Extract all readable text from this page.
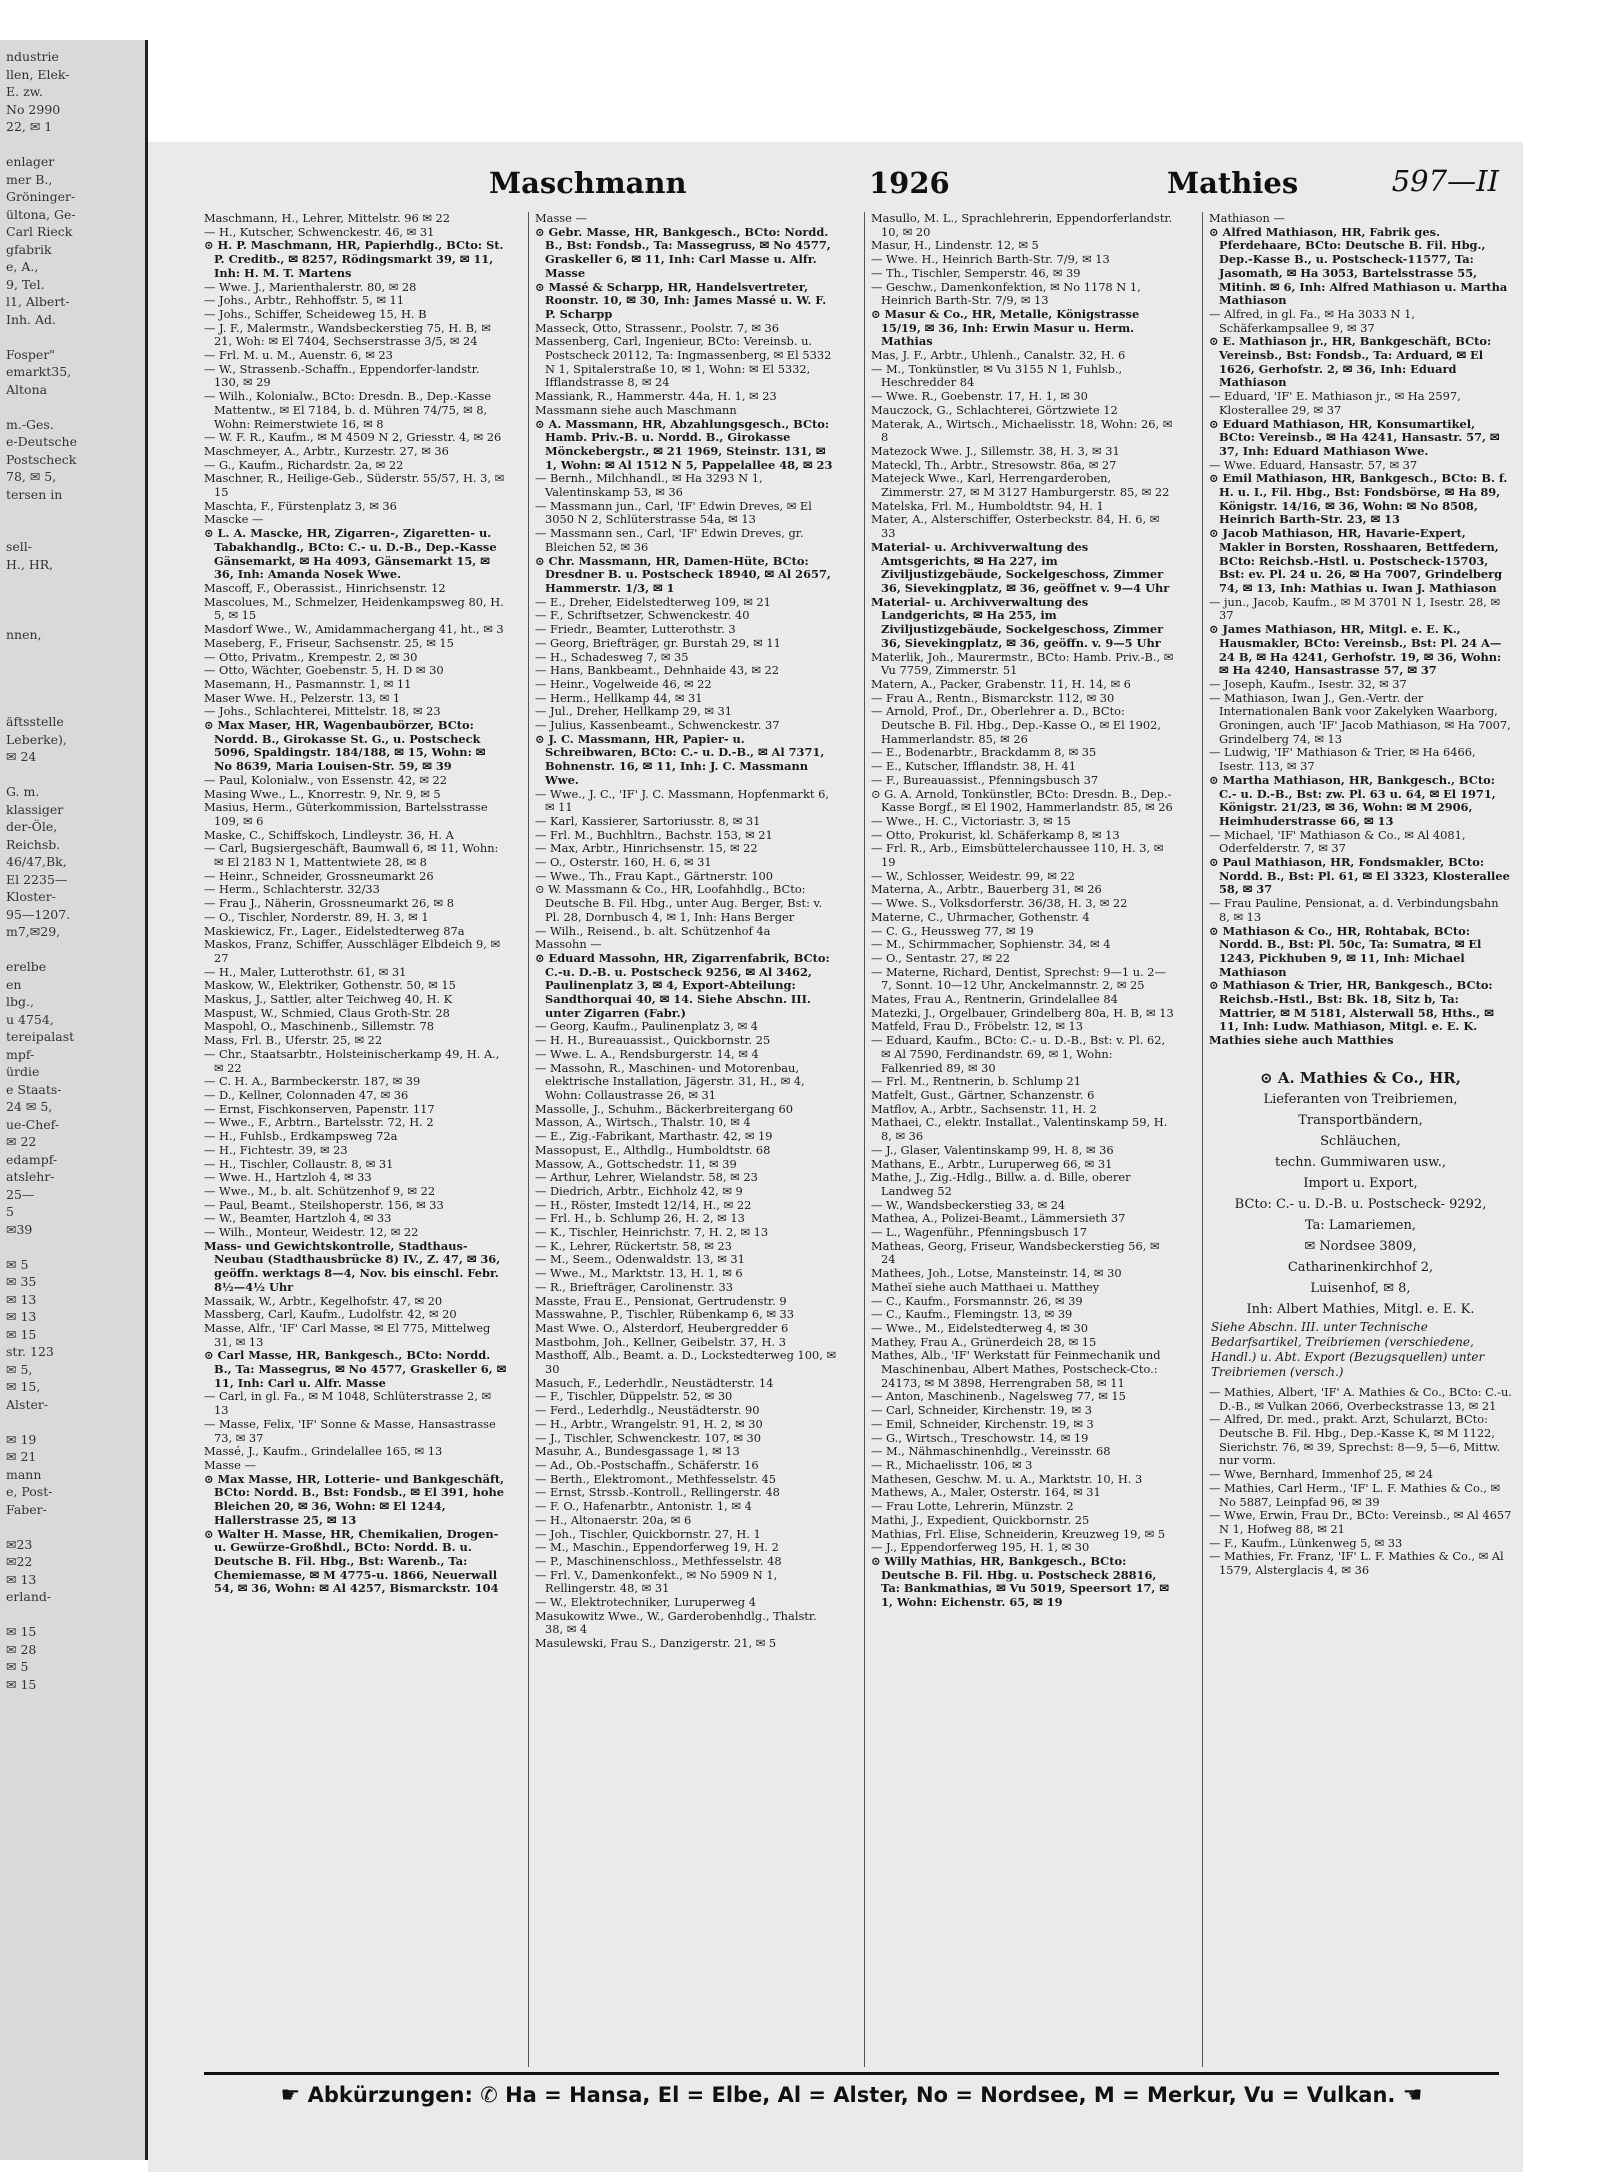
ndustrie
llen, Elek-
E. zw.
No 2990
22, ✉ 1

enlager
mer B.,
Gröninger-
ültona, Ge-
Carl Rieck
gfabrik
e, A.,
9, Tel.
l1, Albert-
Inh. Ad.

Fosper"
emarkt35,
Altona

m.-Ges.
e-Deutsche
Postscheck
78, ✉ 5,
tersen in

sell-
H., HR,

nnen,

äftsstelle
Leberke),
✉ 24

G. m.
klassiger
der-Öle,
Reichsb.
46/47,Bk,
El 2235—
Kloster-
95—1207.
m7,✉29,

erelbe
en
lbg.,
u 4754,
tereipalast
mpf-
ürdie
e Staats-
24 ✉ 5,
ue-Chef-
✉ 22
edampf-
atslehr-
25—
5
✉39

✉ 5
✉ 35
✉ 13
✉ 13
✉ 15
str. 123
✉ 5,
✉ 15,
Alster-

✉ 19
✉ 21
mann
e, Post-
Faber-

✉23
✉22
✉ 13
erland-

✉ 15
✉ 28
✉ 5
✉ 15
Maschmann	1926	Mathies	597—II
Maschmann, H., Lehrer, Mittelstr. 96 ✉ 22
— H., Kutscher, Schwenckestr. 46, ✉ 31
⊙ H. P. Maschmann, HR, Papierhdlg., BCto: St. P. Creditb., ✉ 8257, Rödingsmarkt 39, ✉ 11, Inh: H. M. T. Martens
— Wwe. J., Marienthalerstr. 80, ✉ 28
— Johs., Arbtr., Rehhoffstr. 5, ✉ 11
— Johs., Schiffer, Scheideweg 15, H. B
— J. F., Malermstr., Wandsbeckerstieg 75, H. B, ✉ 21, Woh: ✉ El 7404, Sechserstrasse 3/5, ✉ 24
— Frl. M. u. M., Auenstr. 6, ✉ 23
— W., Strassenb.-Schaffn., Eppendorfer-landstr. 130, ✉ 29
— Wilh., Kolonialw., BCto: Dresdn. B., Dep.-Kasse Mattentw., ✉ El 7184, b. d. Mühren 74/75, ✉ 8, Wohn: Reimerstwiete 16, ✉ 8
— W. F. R., Kaufm., ✉ M 4509 N 2, Griesstr. 4, ✉ 26
Maschmeyer, A., Arbtr., Kurzestr. 27, ✉ 36
— G., Kaufm., Richardstr. 2a, ✉ 22
Maschner, R., Heilige-Geb., Süderstr. 55/57, H. 3, ✉ 15
Maschta, F., Fürstenplatz 3, ✉ 36
Mascke —
⊙ L. A. Mascke, HR, Zigarren-, Zigaretten- u. Tabakhandlg., BCto: C.- u. D.-B., Dep.-Kasse Gänsemarkt, ✉ Ha 4093, Gänsemarkt 15, ✉ 36, Inh: Amanda Nosek Wwe.
Mascoff, F., Oberassist., Hinrichsenstr. 12
Mascolues, M., Schmelzer, Heidenkampsweg 80, H. 5, ✉ 15
Masdorf Wwe., W., Amidammachergang 41, ht., ✉ 3
Maseberg, F., Friseur, Sachsenstr. 25, ✉ 15
— Otto, Privatm., Krempestr. 2, ✉ 30
— Otto, Wächter, Goebenstr. 5, H. D ✉ 30
Masemann, H., Pasmannstr. 1, ✉ 11
Maser Wwe. H., Pelzerstr. 13, ✉ 1
— Johs., Schlachterei, Mittelstr. 18, ✉ 23
⊙ Max Maser, HR, Wagenbaubörzer, BCto: Nordd. B., Girokasse St. G., u. Postscheck 5096, Spaldingstr. 184/188, ✉ 15, Wohn: ✉ No 8639, Maria Louisen-Str. 59, ✉ 39
— Paul, Kolonialw., von Essenstr. 42, ✉ 22
Masing Wwe., L., Knorrestr. 9, Nr. 9, ✉ 5
Masius, Herm., Güterkommission, Bartelsstrasse 109, ✉ 6
Maske, C., Schiffskoch, Lindleystr. 36, H. A
— Carl, Bugsiergeschäft, Baumwall 6, ✉ 11, Wohn: ✉ El 2183 N 1, Mattentwiete 28, ✉ 8
— Heinr., Schneider, Grossneumarkt 26
— Herm., Schlachterstr. 32/33
— Frau J., Näherin, Grossneumarkt 26, ✉ 8
— O., Tischler, Norderstr. 89, H. 3, ✉ 1
Maskiewicz, Fr., Lager., Eidelstedterweg 87a
Maskos, Franz, Schiffer, Ausschläger Elbdeich 9, ✉ 27
— H., Maler, Lutterothstr. 61, ✉ 31
Maskow, W., Elektriker, Gothenstr. 50, ✉ 15
Maskus, J., Sattler, alter Teichweg 40, H. K
Maspust, W., Schmied, Claus Groth-Str. 28
Maspohl, O., Maschinenb., Sillemstr. 78
Mass, Frl. B., Uferstr. 25, ✉ 22
— Chr., Staatsarbtr., Holsteinischerkamp 49, H. A., ✉ 22
— C. H. A., Barmbeckerstr. 187, ✉ 39
— D., Kellner, Colonnaden 47, ✉ 36
— Ernst, Fischkonserven, Papenstr. 117
— Wwe., F., Arbtrn., Bartelsstr. 72, H. 2
— H., Fuhlsb., Erdkampsweg 72a
— H., Fichtestr. 39, ✉ 23
— H., Tischler, Collaustr. 8, ✉ 31
— Wwe. H., Hartzloh 4, ✉ 33
— Wwe., M., b. alt. Schützenhof 9, ✉ 22
— Paul, Beamt., Steilshoperstr. 156, ✉ 33
— W., Beamter, Hartzloh 4, ✉ 33
— Wilh., Monteur, Weidestr. 12, ✉ 22
Mass- und Gewichtskontrolle, Stadthaus-Neubau (Stadthausbrücke 8) IV., Z. 47, ✉ 36, geöffn. werktags 8—4, Nov. bis einschl. Febr. 8½—4½ Uhr
Massaik, W., Arbtr., Kegelhofstr. 47, ✉ 20
Massberg, Carl, Kaufm., Ludolfstr. 42, ✉ 20
Masse, Alfr., 'IF' Carl Masse, ✉ El 775, Mittelweg 31, ✉ 13
⊙ Carl Masse, HR, Bankgesch., BCto: Nordd. B., Ta: Massegrus, ✉ No 4577, Graskeller 6, ✉ 11, Inh: Carl u. Alfr. Masse
— Carl, in gl. Fa., ✉ M 1048, Schlüterstrasse 2, ✉ 13
— Masse, Felix, 'IF' Sonne & Masse, Hansastrasse 73, ✉ 37
Massé, J., Kaufm., Grindelallee 165, ✉ 13
Masse —
⊙ Max Masse, HR, Lotterie- und Bankgeschäft, BCto: Nordd. B., Bst: Fondsb., ✉ El 391, hohe Bleichen 20, ✉ 36, Wohn: ✉ El 1244, Hallerstrasse 25, ✉ 13
⊙ Walter H. Masse, HR, Chemikalien, Drogen- u. Gewürze-Großhdl., BCto: Nordd. B. u. Deutsche B. Fil. Hbg., Bst: Warenb., Ta: Chemiemasse, ✉ M 4775-u. 1866, Neuerwall 54, ✉ 36, Wohn: ✉ Al 4257, Bismarckstr. 104
Masse —
⊙ Gebr. Masse, HR, Bankgesch., BCto: Nordd. B., Bst: Fondsb., Ta: Massegruss, ✉ No 4577, Graskeller 6, ✉ 11, Inh: Carl Masse u. Alfr. Masse
⊙ Massé & Scharpp, HR, Handelsvertreter, Roonstr. 10, ✉ 30, Inh: James Massé u. W. F. P. Scharpp
Masseck, Otto, Strassenr., Poolstr. 7, ✉ 36
Massenberg, Carl, Ingenieur, BCto: Vereinsb. u. Postscheck 20112, Ta: Ingmassenberg, ✉ El 5332 N 1, Spitalerstraße 10, ✉ 1, Wohn: ✉ El 5332, Ifflandstrasse 8, ✉ 24
Massiank, R., Hammerstr. 44a, H. 1, ✉ 23
Massmann siehe auch Maschmann
⊙ A. Massmann, HR, Abzahlungsgesch., BCto: Hamb. Priv.-B. u. Nordd. B., Girokasse Mönckebergstr., ✉ 21 1969, Steinstr. 131, ✉ 1, Wohn: ✉ Al 1512 N 5, Pappelallee 48, ✉ 23
— Bernh., Milchhandl., ✉ Ha 3293 N 1, Valentinskamp 53, ✉ 36
— Massmann jun., Carl, 'IF' Edwin Dreves, ✉ El 3050 N 2, Schlüterstrasse 54a, ✉ 13
— Massmann sen., Carl, 'IF' Edwin Dreves, gr. Bleichen 52, ✉ 36
⊙ Chr. Massmann, HR, Damen-Hüte, BCto: Dresdner B. u. Postscheck 18940, ✉ Al 2657, Hammerstr. 1/3, ✉ 1
— E., Dreher, Eidelstedterweg 109, ✉ 21
— F., Schriftsetzer, Schwenckestr. 40
— Friedr., Beamter, Lutterothstr. 3
— Georg, Briefträger, gr. Burstah 29, ✉ 11
— H., Schadesweg 7, ✉ 35
— Hans, Bankbeamt., Dehnhaide 43, ✉ 22
— Heinr., Vogelweide 46, ✉ 22
— Herm., Hellkamp 44, ✉ 31
— Jul., Dreher, Hellkamp 29, ✉ 31
— Julius, Kassenbeamt., Schwenckestr. 37
⊙ J. C. Massmann, HR, Papier- u. Schreibwaren, BCto: C.- u. D.-B., ✉ Al 7371, Bohnenstr. 16, ✉ 11, Inh: J. C. Massmann Wwe.
— Wwe., J. C., 'IF' J. C. Massmann, Hopfenmarkt 6, ✉ 11
— Karl, Kassierer, Sartoriusstr. 8, ✉ 31
— Frl. M., Buchhltrn., Bachstr. 153, ✉ 21
— Max, Arbtr., Hinrichsenstr. 15, ✉ 22
— O., Osterstr. 160, H. 6, ✉ 31
— Wwe., Th., Frau Kapt., Gärtnerstr. 100
⊙ W. Massmann & Co., HR, Loofahhdlg., BCto: Deutsche B. Fil. Hbg., unter Aug. Berger, Bst: v. Pl. 28, Dornbusch 4, ✉ 1, Inh: Hans Berger
— Wilh., Reisend., b. alt. Schützenhof 4a
Massohn —
⊙ Eduard Massohn, HR, Zigarrenfabrik, BCto: C.-u. D.-B. u. Postscheck 9256, ✉ Al 3462, Paulinenplatz 3, ✉ 4, Export-Abteilung: Sandthorquai 40, ✉ 14. Siehe Abschn. III. unter Zigarren (Fabr.)
— Georg, Kaufm., Paulinenplatz 3, ✉ 4
— H. H., Bureauassist., Quickbornstr. 25
— Wwe. L. A., Rendsburgerstr. 14, ✉ 4
— Massohn, R., Maschinen- und Motorenbau, elektrische Installation, Jägerstr. 31, H., ✉ 4, Wohn: Collaustrasse 26, ✉ 31
Massolle, J., Schuhm., Bäckerbreitergang 60
Masson, A., Wirtsch., Thalstr. 10, ✉ 4
— E., Zig.-Fabrikant, Marthastr. 42, ✉ 19
Massopust, E., Althdlg., Humboldtstr. 68
Massow, A., Gottschedstr. 11, ✉ 39
— Arthur, Lehrer, Wielandstr. 58, ✉ 23
— Diedrich, Arbtr., Eichholz 42, ✉ 9
— H., Röster, Imstedt 12/14, H., ✉ 22
— Frl. H., b. Schlump 26, H. 2, ✉ 13
— K., Tischler, Heinrichstr. 7, H. 2, ✉ 13
— K., Lehrer, Rückertstr. 58, ✉ 23
— M., Seem., Odenwaldstr. 13, ✉ 31
— Wwe., M., Marktstr. 13, H. 1, ✉ 6
— R., Briefträger, Carolinenstr. 33
Masste, Frau E., Pensionat, Gertrudenstr. 9
Masswahne, P., Tischler, Rübenkamp 6, ✉ 33
Mast Wwe. O., Alsterdorf, Heubergredder 6
Mastbohm, Joh., Kellner, Geibelstr. 37, H. 3
Masthoff, Alb., Beamt. a. D., Lockstedterweg 100, ✉ 30
Masuch, F., Lederhdlr., Neustädterstr. 14
— F., Tischler, Düppelstr. 52, ✉ 30
— Ferd., Lederhdlg., Neustädterstr. 90
— H., Arbtr., Wrangelstr. 91, H. 2, ✉ 30
— J., Tischler, Schwenckestr. 107, ✉ 30
Masuhr, A., Bundesgassage 1, ✉ 13
— Ad., Ob.-Postschaffn., Schäferstr. 16
— Berth., Elektromont., Methfesselstr. 45
— Ernst, Strssb.-Kontroll., Rellingerstr. 48
— F. O., Hafenarbtr., Antonistr. 1, ✉ 4
— H., Altonaerstr. 20a, ✉ 6
— Joh., Tischler, Quickbornstr. 27, H. 1
— M., Maschin., Eppendorferweg 19, H. 2
— P., Maschinenschloss., Methfesselstr. 48
— Frl. V., Damenkonfekt., ✉ No 5909 N 1, Rellingerstr. 48, ✉ 31
— W., Elektrotechniker, Luruperweg 4
Masukowitz Wwe., W., Garderobenhdlg., Thalstr. 38, ✉ 4
Masulewski, Frau S., Danzigerstr. 21, ✉ 5
Masullo, M. L., Sprachlehrerin, Eppendorferlandstr. 10, ✉ 20
Masur, H., Lindenstr. 12, ✉ 5
— Wwe. H., Heinrich Barth-Str. 7/9, ✉ 13
— Th., Tischler, Semperstr. 46, ✉ 39
— Geschw., Damenkonfektion, ✉ No 1178 N 1, Heinrich Barth-Str. 7/9, ✉ 13
⊙ Masur & Co., HR, Metalle, Königstrasse 15/19, ✉ 36, Inh: Erwin Masur u. Herm. Mathias
Mas, J. F., Arbtr., Uhlenh., Canalstr. 32, H. 6
— M., Tonkünstler, ✉ Vu 3155 N 1, Fuhlsb., Heschredder 84
— Wwe. R., Goebenstr. 17, H. 1, ✉ 30
Mauczock, G., Schlachterei, Görtzwiete 12
Materak, A., Wirtsch., Michaelisstr. 18, Wohn: 26, ✉ 8
Matezock Wwe. J., Sillemstr. 38, H. 3, ✉ 31
Mateckl, Th., Arbtr., Stresowstr. 86a, ✉ 27
Matejeck Wwe., Karl, Herrengarderoben, Zimmerstr. 27, ✉ M 3127 Hamburgerstr. 85, ✉ 22
Matelska, Frl. M., Humboldtstr. 94, H. 1
Mater, A., Alsterschiffer, Osterbeckstr. 84, H. 6, ✉ 33
Material- u. Archivverwaltung des Amtsgerichts, ✉ Ha 227, im Ziviljustizgebäude, Sockelgeschoss, Zimmer 36, Sievekingplatz, ✉ 36, geöffnet v. 9—4 Uhr
Material- u. Archivverwaltung des Landgerichts, ✉ Ha 255, im Ziviljustizgebäude, Sockelgeschoss, Zimmer 36, Sievekingplatz, ✉ 36, geöffn. v. 9—5 Uhr
Materlik, Joh., Maurermstr., BCto: Hamb. Priv.-B., ✉ Vu 7759, Zimmerstr. 51
Matern, A., Packer, Grabenstr. 11, H. 14, ✉ 6
— Frau A., Rentn., Bismarckstr. 112, ✉ 30
— Arnold, Prof., Dr., Oberlehrer a. D., BCto: Deutsche B. Fil. Hbg., Dep.-Kasse O., ✉ El 1902, Hammerlandstr. 85, ✉ 26
— E., Bodenarbtr., Brackdamm 8, ✉ 35
— E., Kutscher, Ifflandstr. 38, H. 41
— F., Bureauassist., Pfenningsbusch 37
⊙ G. A. Arnold, Tonkünstler, BCto: Dresdn. B., Dep.-Kasse Borgf., ✉ El 1902, Hammerlandstr. 85, ✉ 26
— Wwe., H. C., Victoriastr. 3, ✉ 15
— Otto, Prokurist, kl. Schäferkamp 8, ✉ 13
— Frl. R., Arb., Eimsbüttelerchaussee 110, H. 3, ✉ 19
— W., Schlosser, Weidestr. 99, ✉ 22
Materna, A., Arbtr., Bauerberg 31, ✉ 26
— Wwe. S., Volksdorferstr. 36/38, H. 3, ✉ 22
Materne, C., Uhrmacher, Gothenstr. 4
— C. G., Heussweg 77, ✉ 19
— M., Schirmmacher, Sophienstr. 34, ✉ 4
— O., Sentastr. 27, ✉ 22
— Materne, Richard, Dentist, Sprechst: 9—1 u. 2—7, Sonnt. 10—12 Uhr, Anckelmannstr. 2, ✉ 25
Mates, Frau A., Rentnerin, Grindelallee 84
Matezki, J., Orgelbauer, Grindelberg 80a, H. B, ✉ 13
Matfeld, Frau D., Fröbelstr. 12, ✉ 13
— Eduard, Kaufm., BCto: C.- u. D.-B., Bst: v. Pl. 62, ✉ Al 7590, Ferdinandstr. 69, ✉ 1, Wohn: Falkenried 89, ✉ 30
— Frl. M., Rentnerin, b. Schlump 21
Matfelt, Gust., Gärtner, Schanzenstr. 6
Matflov, A., Arbtr., Sachsenstr. 11, H. 2
Mathaei, C., elektr. Installat., Valentinskamp 59, H. 8, ✉ 36
— J., Glaser, Valentinskamp 99, H. 8, ✉ 36
Mathans, E., Arbtr., Luruperweg 66, ✉ 31
Mathe, J., Zig.-Hdlg., Billw. a. d. Bille, oberer Landweg 52
— W., Wandsbeckerstieg 33, ✉ 24
Mathea, A., Polizei-Beamt., Lämmersieth 37
— L., Wagenführ., Pfenningsbusch 17
Matheas, Georg, Friseur, Wandsbeckerstieg 56, ✉ 24
Mathees, Joh., Lotse, Mansteinstr. 14, ✉ 30
Matheï siehe auch Matthaei u. Matthey
— C., Kaufm., Forsmannstr. 26, ✉ 39
— C., Kaufm., Flemingstr. 13, ✉ 39
— Wwe., M., Eidelstedterweg 4, ✉ 30
Mathey, Frau A., Grünerdeich 28, ✉ 15
Mathes, Alb., 'IF' Werkstatt für Feinmechanik und Maschinenbau, Albert Mathes, Postscheck-Cto.: 24173, ✉ M 3898, Herrengraben 58, ✉ 11
— Anton, Maschinenb., Nagelsweg 77, ✉ 15
— Carl, Schneider, Kirchenstr. 19, ✉ 3
— Emil, Schneider, Kirchenstr. 19, ✉ 3
— G., Wirtsch., Treschowstr. 14, ✉ 19
— M., Nähmaschinenhdlg., Vereinsstr. 68
— R., Michaelisstr. 106, ✉ 3
Mathesen, Geschw. M. u. A., Marktstr. 10, H. 3
Mathews, A., Maler, Osterstr. 164, ✉ 31
— Frau Lotte, Lehrerin, Münzstr. 2
Mathi, J., Expedient, Quickbornstr. 25
Mathias, Frl. Elise, Schneiderin, Kreuzweg 19, ✉ 5
— J., Eppendorferweg 195, H. 1, ✉ 30
⊙ Willy Mathias, HR, Bankgesch., BCto: Deutsche B. Fil. Hbg. u. Postscheck 28816, Ta: Bankmathias, ✉ Vu 5019, Speersort 17, ✉ 1, Wohn: Eichenstr. 65, ✉ 19
Mathiason —
⊙ Alfred Mathiason, HR, Fabrik ges. Pferdehaare, BCto: Deutsche B. Fil. Hbg., Dep.-Kasse B., u. Postscheck-11577, Ta: Jasomath, ✉ Ha 3053, Bartelsstrasse 55, Mitinh. ✉ 6, Inh: Alfred Mathiason u. Martha Mathiason
— Alfred, in gl. Fa., ✉ Ha 3033 N 1, Schäferkampsallee 9, ✉ 37
⊙ E. Mathiason jr., HR, Bankgeschäft, BCto: Vereinsb., Bst: Fondsb., Ta: Arduard, ✉ El 1626, Gerhofstr. 2, ✉ 36, Inh: Eduard Mathiason
— Eduard, 'IF' E. Mathiason jr., ✉ Ha 2597, Klosterallee 29, ✉ 37
⊙ Eduard Mathiason, HR, Konsumartikel, BCto: Vereinsb., ✉ Ha 4241, Hansastr. 57, ✉ 37, Inh: Eduard Mathiason Wwe.
— Wwe. Eduard, Hansastr. 57, ✉ 37
⊙ Emil Mathiason, HR, Bankgesch., BCto: B. f. H. u. I., Fil. Hbg., Bst: Fondsbörse, ✉ Ha 89, Königstr. 14/16, ✉ 36, Wohn: ✉ No 8508, Heinrich Barth-Str. 23, ✉ 13
⊙ Jacob Mathiason, HR, Havarie-Expert, Makler in Borsten, Rosshaaren, Bettfedern, BCto: Reichsb.-Hstl. u. Postscheck-15703, Bst: ev. Pl. 24 u. 26, ✉ Ha 7007, Grindelberg 74, ✉ 13, Inh: Mathias u. Iwan J. Mathiason
— jun., Jacob, Kaufm., ✉ M 3701 N 1, Isestr. 28, ✉ 37
⊙ James Mathiason, HR, Mitgl. e. E. K., Hausmakler, BCto: Vereinsb., Bst: Pl. 24 A—24 B, ✉ Ha 4241, Gerhofstr. 19, ✉ 36, Wohn: ✉ Ha 4240, Hansastrasse 57, ✉ 37
— Joseph, Kaufm., Isestr. 32, ✉ 37
— Mathiason, Iwan J., Gen.-Vertr. der Internationalen Bank voor Zakelyken Waarborg, Groningen, auch 'IF' Jacob Mathiason, ✉ Ha 7007, Grindelberg 74, ✉ 13
— Ludwig, 'IF' Mathiason & Trier, ✉ Ha 6466, Isestr. 113, ✉ 37
⊙ Martha Mathiason, HR, Bankgesch., BCto: C.- u. D.-B., Bst: zw. Pl. 63 u. 64, ✉ El 1971, Königstr. 21/23, ✉ 36, Wohn: ✉ M 2906, Heimhuderstrasse 66, ✉ 13
— Michael, 'IF' Mathiason & Co., ✉ Al 4081, Oderfelderstr. 7, ✉ 37
⊙ Paul Mathiason, HR, Fondsmakler, BCto: Nordd. B., Bst: Pl. 61, ✉ El 3323, Klosterallee 58, ✉ 37
— Frau Pauline, Pensionat, a. d. Verbindungsbahn 8, ✉ 13
⊙ Mathiason & Co., HR, Rohtabak, BCto: Nordd. B., Bst: Pl. 50c, Ta: Sumatra, ✉ El 1243, Pickhuben 9, ✉ 11, Inh: Michael Mathiason
⊙ Mathiason & Trier, HR, Bankgesch., BCto: Reichsb.-Hstl., Bst: Bk. 18, Sitz b, Ta: Mattrier, ✉ M 5181, Alsterwall 58, Hths., ✉ 11, Inh: Ludw. Mathiason, Mitgl. e. E. K.
Mathies siehe auch Matthies
⊙ A. Mathies & Co., HR,
Lieferanten von Treibriemen,
Transportbändern,
Schläuchen,
techn. Gummiwaren usw.,
Import u. Export,
BCto: C.- u. D.-B. u. Postscheck- 9292,
Ta: Lamariemen,
✉ Nordsee 3809,
Catharinenkirchhof 2,
Luisenhof, ✉ 8,
Inh: Albert Mathies, Mitgl. e. E. K.
Siehe Abschn. III. unter Technische Bedarfsartikel, Treibriemen (verschiedene, Handl.) u. Abt. Export (Bezugsquellen) unter Treibriemen (versch.)
— Mathies, Albert, 'IF' A. Mathies & Co., BCto: C.-u. D.-B., ✉ Vulkan 2066, Overbeckstrasse 13, ✉ 21
— Alfred, Dr. med., prakt. Arzt, Schularzt, BCto: Deutsche B. Fil. Hbg., Dep.-Kasse K, ✉ M 1122, Sierichstr. 76, ✉ 39, Sprechst: 8—9, 5—6, Mittw. nur vorm.
— Wwe, Bernhard, Immenhof 25, ✉ 24
— Mathies, Carl Herm., 'IF' L. F. Mathies & Co., ✉ No 5887, Leinpfad 96, ✉ 39
— Wwe, Erwin, Frau Dr., BCto: Vereinsb., ✉ Al 4657 N 1, Hofweg 88, ✉ 21
— F., Kaufm., Lünkenweg 5, ✉ 33
— Mathies, Fr. Franz, 'IF' L. F. Mathies & Co., ✉ Al 1579, Alsterglacis 4, ✉ 36
☛ Abkürzungen: ✆ Ha = Hansa, El = Elbe, Al = Alster, No = Nordsee, M = Merkur, Vu = Vulkan. ☚
